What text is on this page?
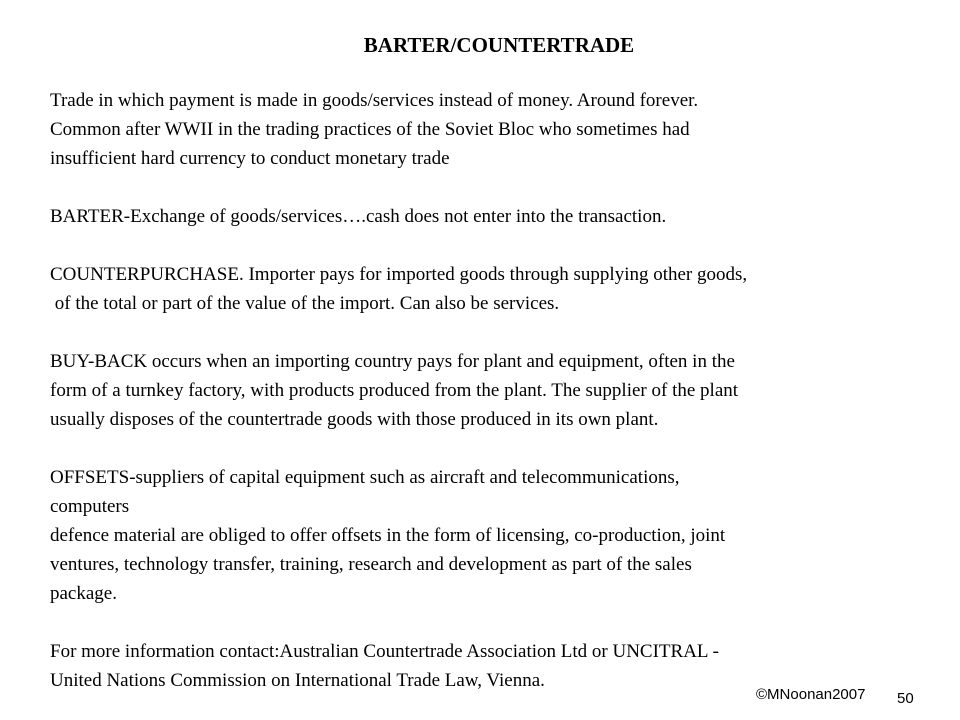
BARTER/COUNTERTRADE

Trade in which payment is made in goods/services instead of money. Around forever.
Common after WWII in the trading practices of the Soviet Bloc who sometimes had
insufficient hard currency to conduct monetary trade

BARTER-Exchange of goods/services….cash does not enter into the transaction.

COUNTERPURCHASE. Importer pays for imported goods through supplying other goods,
of the total or part of the value of the import. Can also be services.

BUY-BACK occurs when an importing country pays for plant and equipment, often in the
form of a turnkey factory, with products produced from the plant. The supplier of the plant
usually disposes of the countertrade goods with those produced in its own plant.

OFFSETS-suppliers of capital equipment such as aircraft and telecommunications,
computers
defence material are obliged to offer offsets in the form of licensing, co-production, joint
ventures, technology transfer, training, research and development as part of the sales
package.

For more information contact:Australian Countertrade Association Ltd or UNCITRAL -
United Nations Commission on International Trade Law, Vienna.

©MNoonan2007 50
